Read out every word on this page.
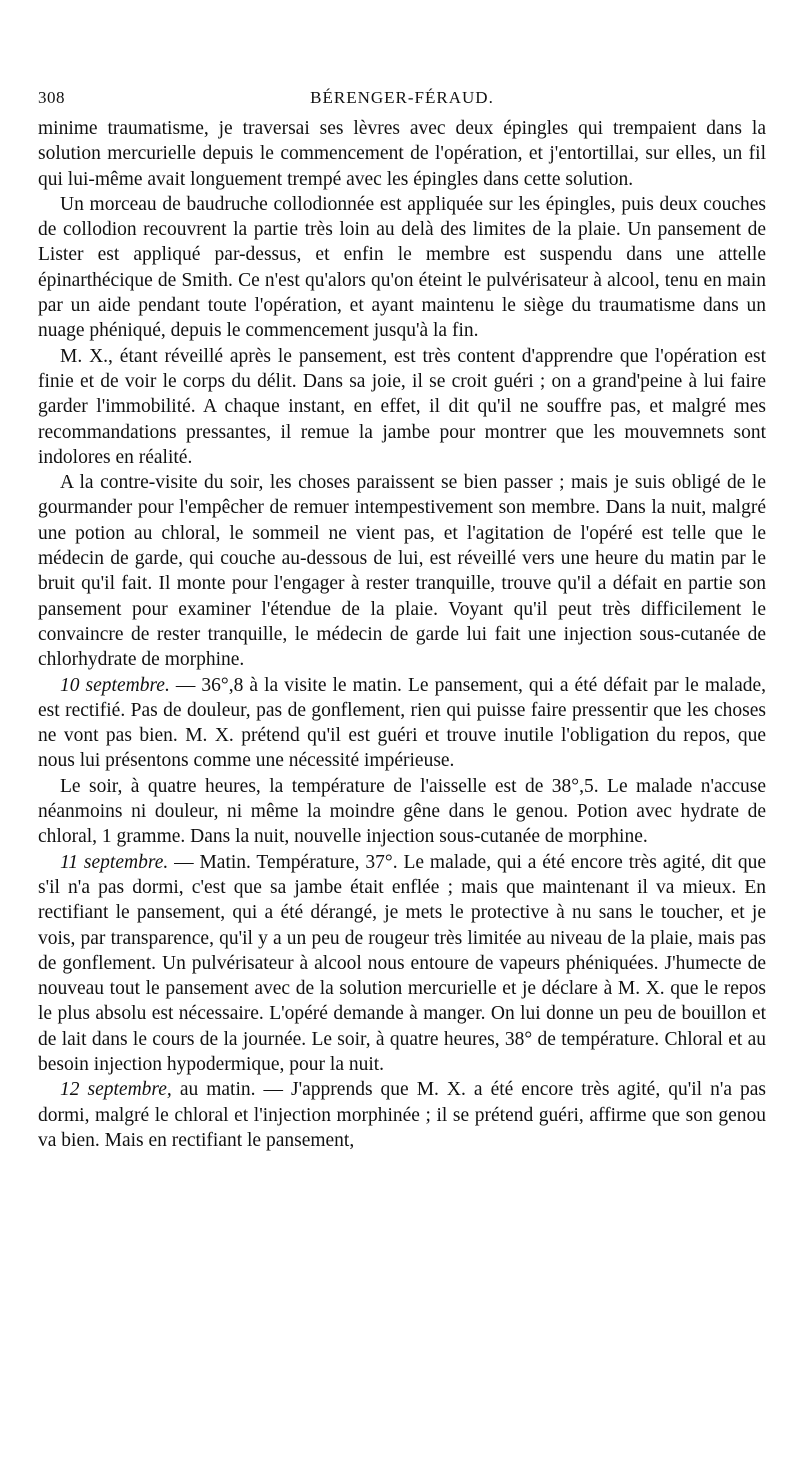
308	BÉRENGER-FÉRAUD.

minime traumatisme, je traversai ses lèvres avec deux épingles qui trempaient dans la solution mercurielle depuis le commencement de l'opération, et j'entortillai, sur elles, un fil qui lui-même avait longuement trempé avec les épingles dans cette solution.

Un morceau de baudruche collodionnée est appliquée sur les épingles, puis deux couches de collodion recouvrent la partie très loin au delà des limites de la plaie. Un pansement de Lister est appliqué par-dessus, et enfin le membre est suspendu dans une attelle épinarthécique de Smith. Ce n'est qu'alors qu'on éteint le pulvérisateur à alcool, tenu en main par un aide pendant toute l'opération, et ayant maintenu le siège du traumatisme dans un nuage phéniqué, depuis le commencement jusqu'à la fin.

M. X., étant réveillé après le pansement, est très content d'apprendre que l'opération est finie et de voir le corps du délit. Dans sa joie, il se croit guéri ; on a grand'peine à lui faire garder l'immobilité. A chaque instant, en effet, il dit qu'il ne souffre pas, et malgré mes recommandations pressantes, il remue la jambe pour montrer que les mouvemnets sont indolores en réalité.

A la contre-visite du soir, les choses paraissent se bien passer ; mais je suis obligé de le gourmander pour l'empêcher de remuer intempestivement son membre. Dans la nuit, malgré une potion au chloral, le sommeil ne vient pas, et l'agitation de l'opéré est telle que le médecin de garde, qui couche au-dessous de lui, est réveillé vers une heure du matin par le bruit qu'il fait. Il monte pour l'engager à rester tranquille, trouve qu'il a défait en partie son pansement pour examiner l'étendue de la plaie. Voyant qu'il peut très difficilement le convaincre de rester tranquille, le médecin de garde lui fait une injection sous-cutanée de chlorhydrate de morphine.

10 septembre. — 36°,8 à la visite le matin. Le pansement, qui a été défait par le malade, est rectifié. Pas de douleur, pas de gonflement, rien qui puisse faire pressentir que les choses ne vont pas bien. M. X. prétend qu'il est guéri et trouve inutile l'obligation du repos, que nous lui présentons comme une nécessité impérieuse.

Le soir, à quatre heures, la température de l'aisselle est de 38°,5. Le malade n'accuse néanmoins ni douleur, ni même la moindre gêne dans le genou. Potion avec hydrate de chloral, 1 gramme. Dans la nuit, nouvelle injection sous-cutanée de morphine.

11 septembre. — Matin. Température, 37°. Le malade, qui a été encore très agité, dit que s'il n'a pas dormi, c'est que sa jambe était enflée ; mais que maintenant il va mieux. En rectifiant le pansement, qui a été dérangé, je mets le protective à nu sans le toucher, et je vois, par transparence, qu'il y a un peu de rougeur très limitée au niveau de la plaie, mais pas de gonflement. Un pulvérisateur à alcool nous entoure de vapeurs phéniquées. J'humecte de nouveau tout le pansement avec de la solution mercurielle et je déclare à M. X. que le repos le plus absolu est nécessaire. L'opéré demande à manger. On lui donne un peu de bouillon et de lait dans le cours de la journée. Le soir, à quatre heures, 38° de température. Chloral et au besoin injection hypodermique, pour la nuit.

12 septembre, au matin. — J'apprends que M. X. a été encore très agité, qu'il n'a pas dormi, malgré le chloral et l'injection morphinée ; il se prétend guéri, affirme que son genou va bien. Mais en rectifiant le pansement,
